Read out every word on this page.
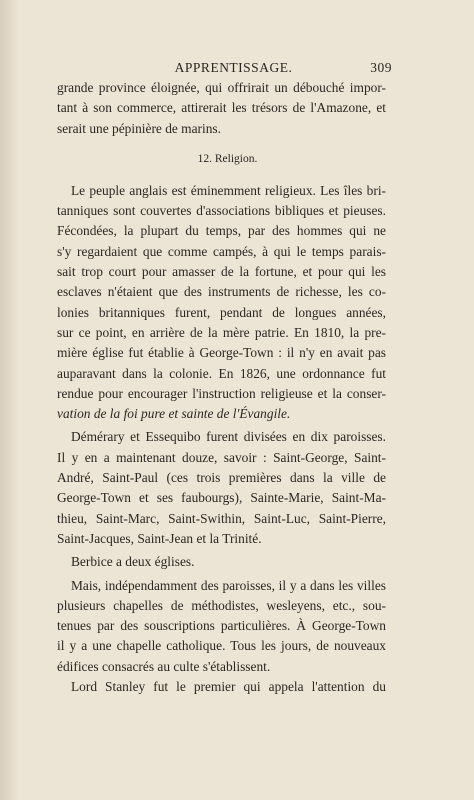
APPRENTISSAGE.	309
grande province éloignée, qui offrirait un débouché impor-
tant à son commerce, attirerait les trésors de l'Amazone, et
serait une pépinière de marins.
12. Religion.
Le peuple anglais est éminemment religieux. Les îles bri-
tanniques sont couvertes d'associations bibliques et pieuses.
Fécondées, la plupart du temps, par des hommes qui ne
s'y regardaient que comme campés, à qui le temps parais-
sait trop court pour amasser de la fortune, et pour qui les
esclaves n'étaient que des instruments de richesse, les co-
lonies britanniques furent, pendant de longues années,
sur ce point, en arrière de la mère patrie. En 1810, la pre-
mière église fut établie à George-Town : il n'y en avait pas
auparavant dans la colonie. En 1826, une ordonnance fut
rendue pour encourager l'instruction religieuse et la conser-
vation de la foi pure et sainte de l'Évangile.
Démérary et Essequibo furent divisées en dix paroisses.
Il y en a maintenant douze, savoir : Saint-George, Saint-
André, Saint-Paul (ces trois premières dans la ville de
George-Town et ses faubourgs), Sainte-Marie, Saint-Ma-
thieu, Saint-Marc, Saint-Swithin, Saint-Luc, Saint-Pierre,
Saint-Jacques, Saint-Jean et la Trinité.
Berbice a deux églises.
Mais, indépendamment des paroisses, il y a dans les villes
plusieurs chapelles de méthodistes, wesleyens, etc., sou-
tenues par des souscriptions particulières. À George-Town
il y a une chapelle catholique. Tous les jours, de nouveaux
édifices consacrés au culte s'établissent.
Lord Stanley fut le premier qui appela l'attention du
